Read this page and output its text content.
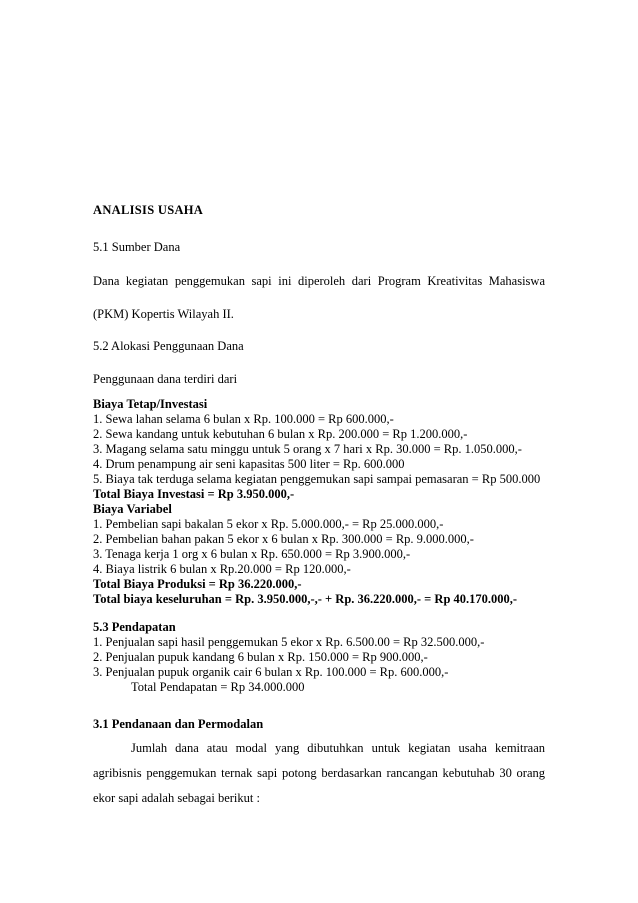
ANALISIS USAHA
5.1 Sumber Dana
Dana kegiatan penggemukan sapi ini diperoleh dari Program Kreativitas Mahasiswa
(PKM) Kopertis Wilayah II.
5.2 Alokasi Penggunaan Dana
Penggunaan dana terdiri dari
Biaya Tetap/Investasi
1. Sewa lahan selama 6 bulan x Rp. 100.000 = Rp 600.000,-
2. Sewa kandang untuk kebutuhan 6 bulan x Rp. 200.000 = Rp 1.200.000,-
3. Magang selama satu minggu untuk 5 orang x 7 hari x Rp. 30.000 = Rp. 1.050.000,-
4. Drum penampung air seni kapasitas 500 liter = Rp. 600.000
5. Biaya tak terduga selama kegiatan penggemukan sapi sampai pemasaran = Rp 500.000
Total Biaya Investasi = Rp 3.950.000,-
Biaya Variabel
1. Pembelian sapi bakalan 5 ekor x Rp. 5.000.000,- = Rp 25.000.000,-
2. Pembelian bahan pakan 5 ekor x 6 bulan x Rp. 300.000 = Rp. 9.000.000,-
3. Tenaga kerja 1 org x 6 bulan x Rp. 650.000 = Rp 3.900.000,-
4. Biaya listrik 6 bulan x Rp.20.000 = Rp 120.000,-
Total Biaya Produksi = Rp 36.220.000,-
Total biaya keseluruhan = Rp. 3.950.000,-,- + Rp. 36.220.000,- = Rp 40.170.000,-
5.3 Pendapatan
1. Penjualan sapi hasil penggemukan 5 ekor x Rp. 6.500.00 = Rp 32.500.000,-
2. Penjualan pupuk kandang 6 bulan x Rp. 150.000 = Rp 900.000,-
3. Penjualan pupuk organik cair 6 bulan x Rp. 100.000 = Rp. 600.000,-
Total Pendapatan = Rp 34.000.000
3.1 Pendanaan dan Permodalan
Jumlah dana atau modal yang dibutuhkan untuk kegiatan usaha kemitraan
agribisnis penggemukan ternak sapi potong berdasarkan rancangan kebutuhab 30 orang
ekor sapi adalah sebagai berikut :
